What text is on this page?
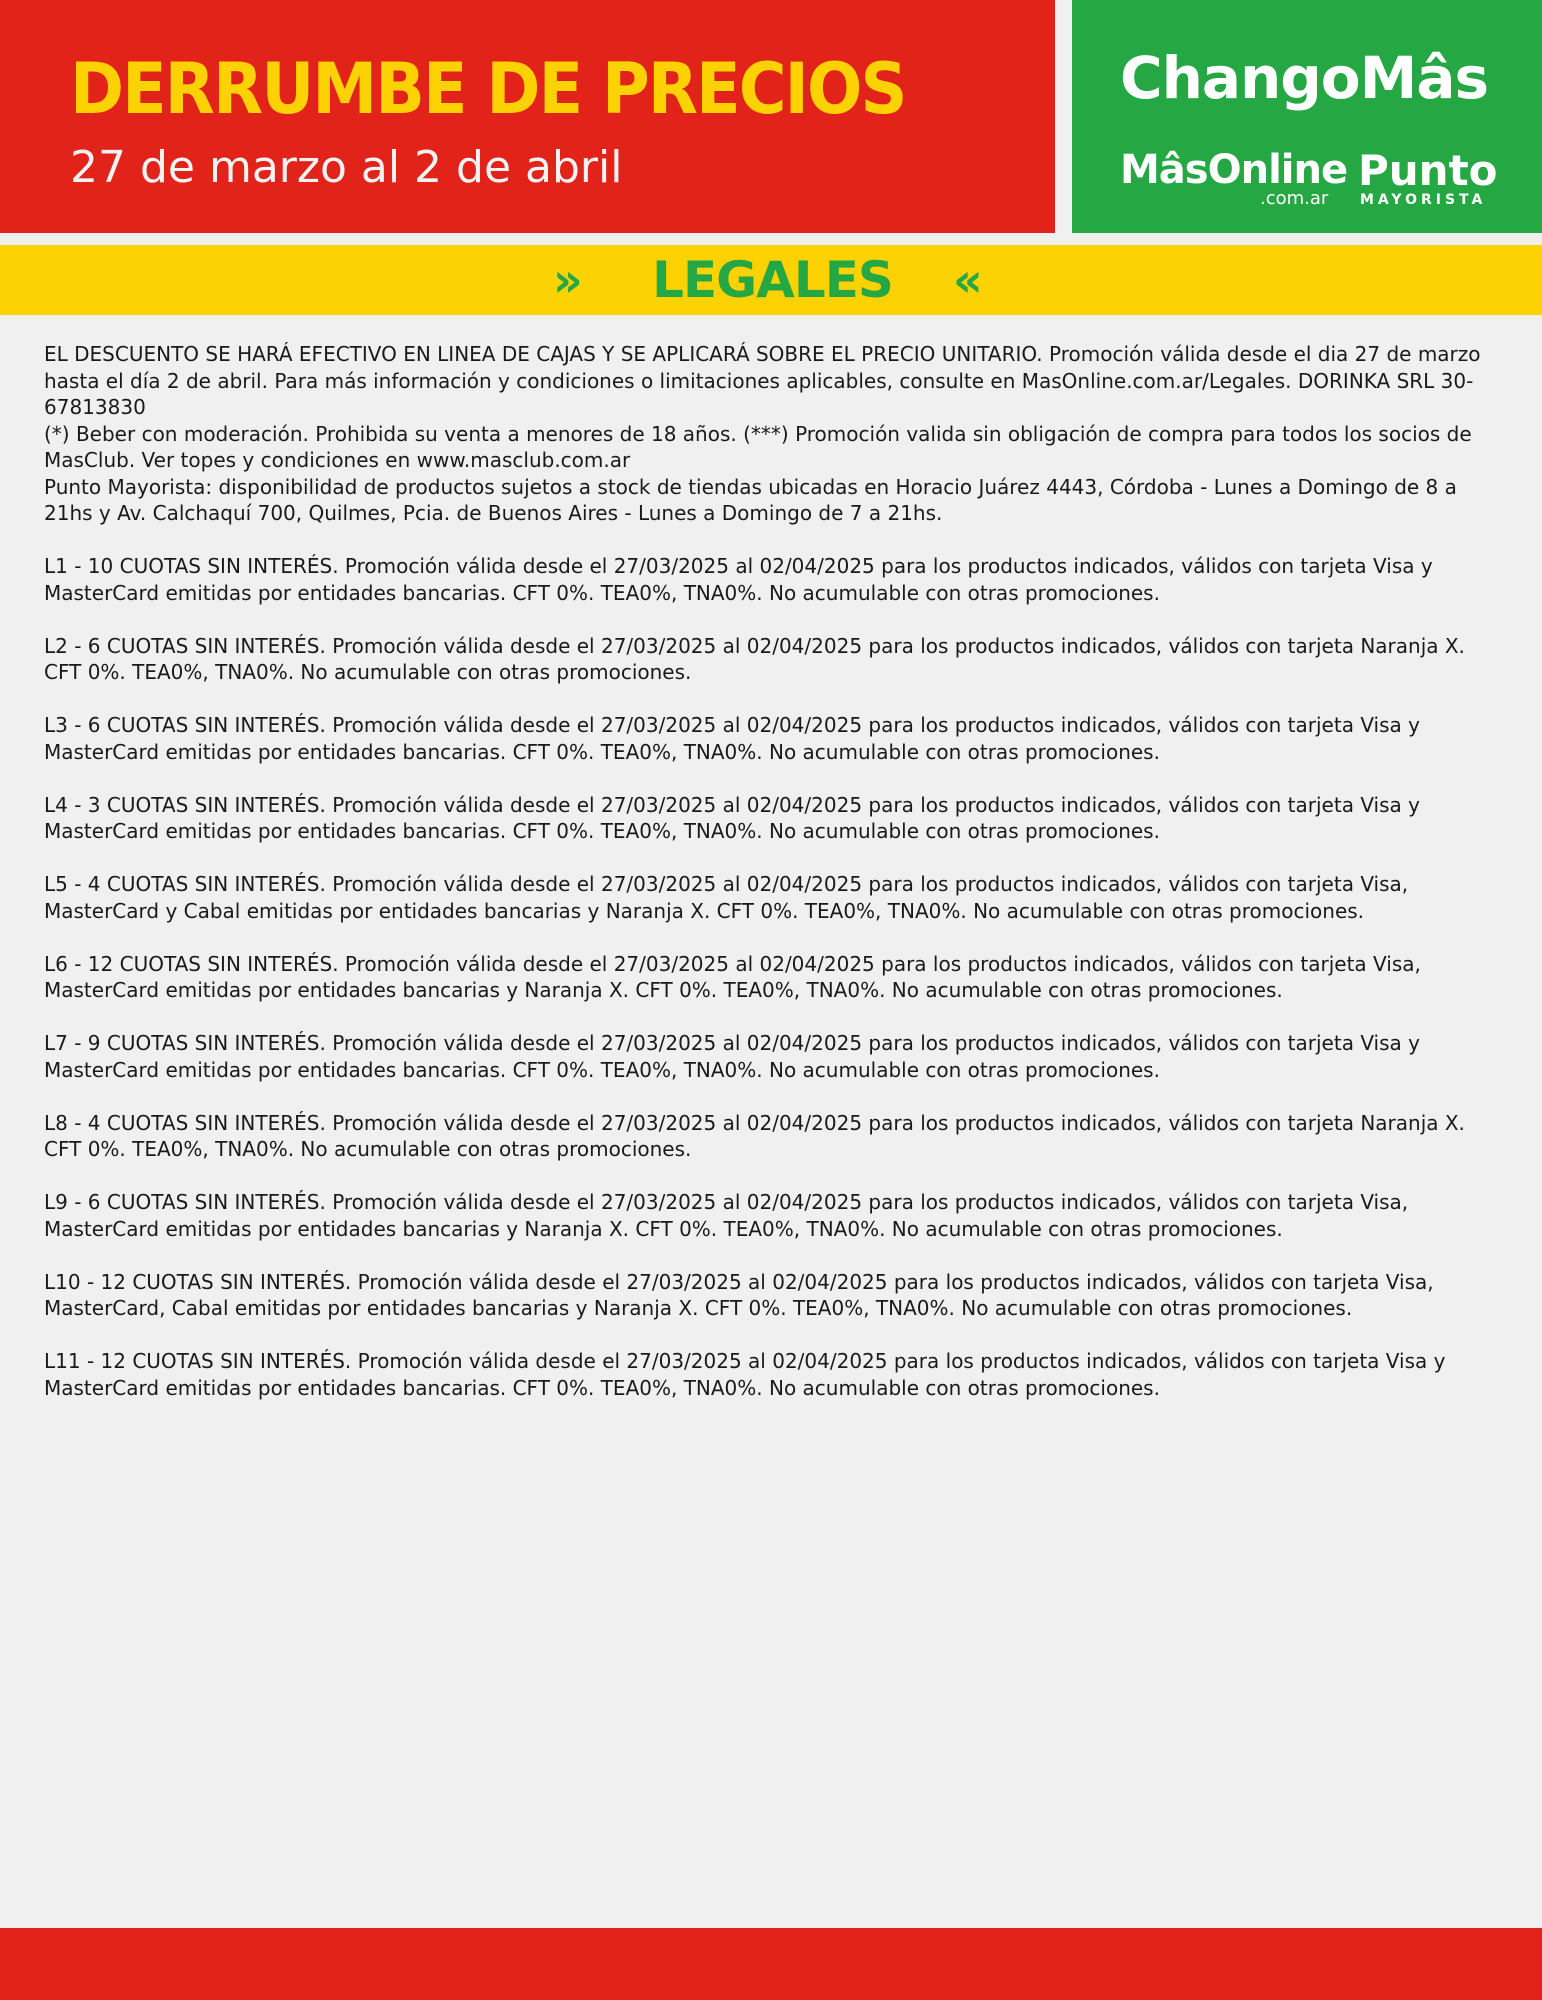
DERRUMBE DE PRECIOS
27 de marzo al 2 de abril
ChangoMâs
MâsOnline
.com.ar
Punto
MAYORISTA
»	LEGALES	«

EL DESCUENTO SE HARÁ EFECTIVO EN LINEA DE CAJAS Y SE APLICARÁ SOBRE EL PRECIO UNITARIO. Promoción válida desde el dia 27 de marzo hasta el día 2 de abril. Para más información y condiciones o limitaciones aplicables, consulte en MasOnline.com.ar/Legales. DORINKA SRL 30-67813830

(*) Beber con moderación. Prohibida su venta a menores de 18 años. (***) Promoción valida sin obligación de compra para todos los socios de MasClub. Ver topes y condiciones en www.masclub.com.ar

Punto Mayorista: disponibilidad de productos sujetos a stock de tiendas ubicadas en Horacio Juárez 4443, Córdoba - Lunes a Domingo de 8 a 21hs y Av. Calchaquí 700, Quilmes, Pcia. de Buenos Aires - Lunes a Domingo de 7 a 21hs.

L1 - 10 CUOTAS SIN INTERÉS. Promoción válida desde el 27/03/2025 al 02/04/2025 para los productos indicados, válidos con tarjeta Visa y MasterCard emitidas por entidades bancarias. CFT 0%. TEA0%, TNA0%. No acumulable con otras promociones.

L2 - 6 CUOTAS SIN INTERÉS. Promoción válida desde el 27/03/2025 al 02/04/2025 para los productos indicados, válidos con tarjeta Naranja X. CFT 0%. TEA0%, TNA0%. No acumulable con otras promociones.

L3 - 6 CUOTAS SIN INTERÉS. Promoción válida desde el 27/03/2025 al 02/04/2025 para los productos indicados, válidos con tarjeta Visa y MasterCard emitidas por entidades bancarias. CFT 0%. TEA0%, TNA0%. No acumulable con otras promociones.

L4 - 3 CUOTAS SIN INTERÉS. Promoción válida desde el 27/03/2025 al 02/04/2025 para los productos indicados, válidos con tarjeta Visa y MasterCard emitidas por entidades bancarias. CFT 0%. TEA0%, TNA0%. No acumulable con otras promociones.

L5 - 4 CUOTAS SIN INTERÉS. Promoción válida desde el 27/03/2025 al 02/04/2025 para los productos indicados, válidos con tarjeta Visa, MasterCard y Cabal emitidas por entidades bancarias y Naranja X. CFT 0%. TEA0%, TNA0%. No acumulable con otras promociones.

L6 - 12 CUOTAS SIN INTERÉS. Promoción válida desde el 27/03/2025 al 02/04/2025 para los productos indicados, válidos con tarjeta Visa, MasterCard emitidas por entidades bancarias y Naranja X. CFT 0%. TEA0%, TNA0%. No acumulable con otras promociones.

L7 - 9 CUOTAS SIN INTERÉS. Promoción válida desde el 27/03/2025 al 02/04/2025 para los productos indicados, válidos con tarjeta Visa y MasterCard emitidas por entidades bancarias. CFT 0%. TEA0%, TNA0%. No acumulable con otras promociones.

L8 - 4 CUOTAS SIN INTERÉS. Promoción válida desde el 27/03/2025 al 02/04/2025 para los productos indicados, válidos con tarjeta Naranja X. CFT 0%. TEA0%, TNA0%. No acumulable con otras promociones.

L9 - 6 CUOTAS SIN INTERÉS. Promoción válida desde el 27/03/2025 al 02/04/2025 para los productos indicados, válidos con tarjeta Visa, MasterCard emitidas por entidades bancarias y Naranja X. CFT 0%. TEA0%, TNA0%. No acumulable con otras promociones.

L10 - 12 CUOTAS SIN INTERÉS. Promoción válida desde el 27/03/2025 al 02/04/2025 para los productos indicados, válidos con tarjeta Visa, MasterCard, Cabal emitidas por entidades bancarias y Naranja X. CFT 0%. TEA0%, TNA0%. No acumulable con otras promociones.

L11 - 12 CUOTAS SIN INTERÉS. Promoción válida desde el 27/03/2025 al 02/04/2025 para los productos indicados, válidos con tarjeta Visa y MasterCard emitidas por entidades bancarias. CFT 0%. TEA0%, TNA0%. No acumulable con otras promociones.
